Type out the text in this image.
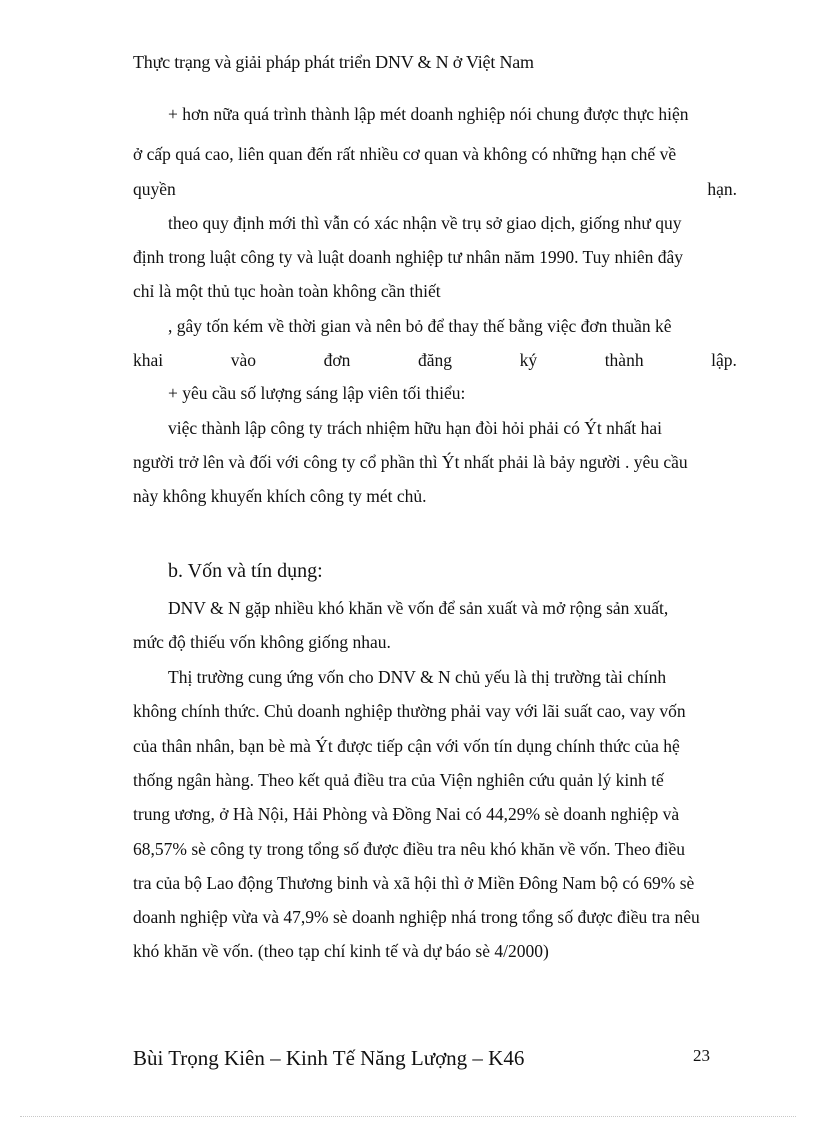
Thực trạng và giải pháp phát triển DNV & N ở Việt Nam
+ hơn nữa quá trình thành lập mét doanh nghiệp nói chung được thực hiện
ở cấp quá cao, liên quan đến rất nhiều cơ quan và không có những hạn chế về
quyền	hạn.
theo quy định mới thì vẫn có xác nhận về trụ sở giao dịch, giống như quy
định trong luật công ty và luật doanh nghiệp tư nhân năm 1990. Tuy nhiên đây
chỉ là một thủ tục hoàn toàn không cần thiết
, gây tốn kém về thời gian và nên bỏ để thay thế bằng việc đơn thuần kê
khai	vào	đơn	đăng	ký	thành	lập.
+ yêu cầu số lượng sáng lập viên tối thiểu:
việc thành lập công ty trách nhiệm hữu hạn đòi hỏi phải có Ýt nhất hai
người trở lên và đối với công ty cổ phần thì Ýt nhất phải là bảy người . yêu cầu
này không khuyến khích công ty mét chủ.
b. Vốn và tín dụng:
DNV & N gặp nhiều khó khăn về vốn để sản xuất và mở rộng sản xuất,
mức độ thiếu vốn không giống nhau.
Thị trường cung ứng vốn cho DNV & N chủ yếu là thị trường tài chính
không chính thức. Chủ doanh nghiệp thường phải vay với lãi suất cao, vay vốn
của thân nhân, bạn bè mà Ýt được tiếp cận với vốn tín dụng chính thức của hệ
thống ngân hàng. Theo kết quả điều tra của Viện nghiên cứu quản lý kinh tế
trung ương, ở Hà Nội, Hải Phòng và Đồng Nai có 44,29% sè doanh nghiệp và
68,57% sè công ty trong tổng số được điều tra nêu khó khăn về vốn. Theo điều
tra của bộ Lao động Thương binh và xã hội thì ở Miền Đông Nam bộ có 69% sè
doanh nghiệp vừa và 47,9% sè doanh nghiệp nhá trong tổng số được điều tra nêu
khó khăn về vốn. (theo tạp chí kinh tế và dự báo sè 4/2000)
Bùi Trọng Kiên – Kinh Tế Năng Lượng – K46	23
